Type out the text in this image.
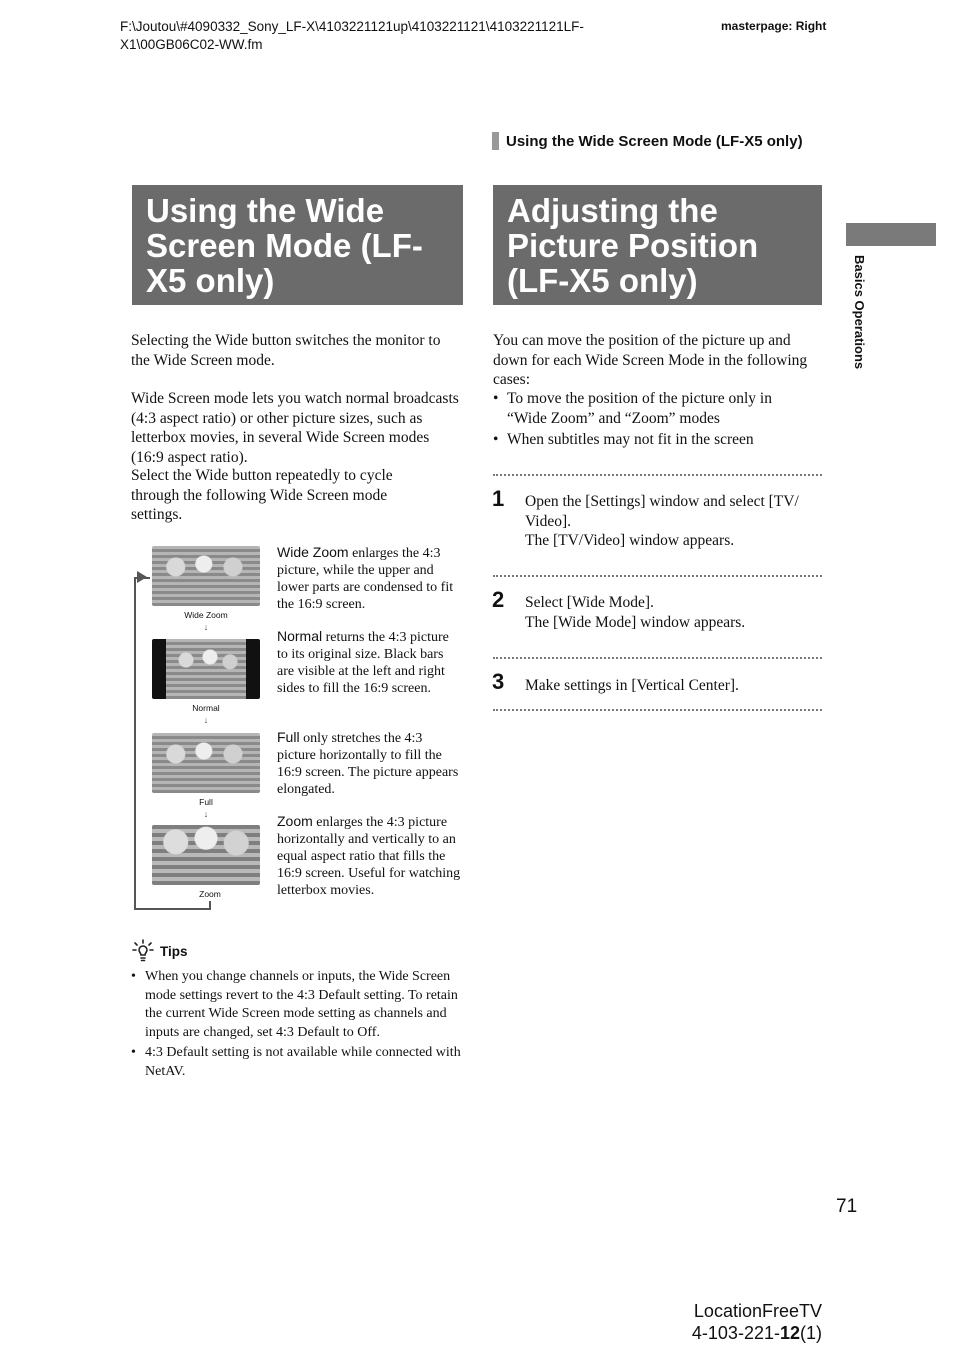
F:\Joutou\#4090332_Sony_LF-X\4103221121up\4103221121\4103221121LF-
X1\00GB06C02-WW.fm
masterpage: Right
Using the Wide Screen Mode (LF-X5 only)
Basics Operations
Using the Wide Screen Mode (LF-X5 only)
Adjusting the Picture Position (LF-X5 only)
Selecting the Wide button switches the monitor to the Wide Screen mode.
Wide Screen mode lets you watch normal broadcasts (4:3 aspect ratio) or other picture sizes, such as letterbox movies, in several Wide Screen modes (16:9 aspect ratio).
Select the Wide button repeatedly to cycle through the following Wide Screen mode settings.
Wide Zoom
↓
Normal
↓
Full
↓
Zoom
Wide Zoom enlarges the 4:3 picture, while the upper and lower parts are condensed to fit the 16:9 screen.
Normal returns the 4:3 picture to its original size. Black bars are visible at the left and right sides to fill the 16:9 screen.
Full only stretches the 4:3 picture horizontally to fill the 16:9 screen. The picture appears elongated.
Zoom enlarges the 4:3 picture horizontally and vertically to an equal aspect ratio that fills the 16:9 screen. Useful for watching letterbox movies.
Tips
• When you change channels or inputs, the Wide Screen mode settings revert to the 4:3 Default setting. To retain the current Wide Screen mode setting as channels and inputs are changed, set 4:3 Default to Off.
• 4:3 Default setting is not available while connected with NetAV.
You can move the position of the picture up and down for each Wide Screen Mode in the following cases:
• To move the position of the picture only in “Wide Zoom” and “Zoom” modes
• When subtitles may not fit in the screen
1 Open the [Settings] window and select [TV/ Video].
The [TV/Video] window appears.
2 Select [Wide Mode].
The [Wide Mode] window appears.
3 Make settings in [Vertical Center].
71
LocationFreeTV
4-103-221-12(1)
